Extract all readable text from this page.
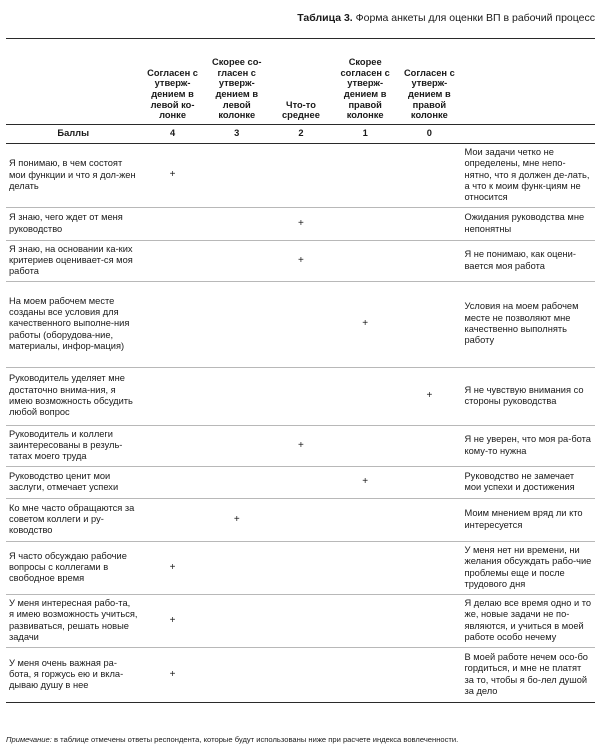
Таблица 3. Форма анкеты для оценки ВП в рабочий процесс
	Согласен с утверж-дением в левой ко-лонке	Скорее со-гласен с утверж-дением в левой колонке	Что-то среднее	Скорее согласен с утверж-дением в правой колонке	Согласен с утверж-дением в правой колонке	
Баллы	4	3	2	1	0	
Я понимаю, в чем состоят мои функции и что я дол-жен делать	+					Мои задачи четко не определены, мне непо-нятно, что я должен де-лать, а что к моим функ-циям не относится
Я знаю, чего ждет от меня руководство			+			Ожидания руководства мне непонятны
Я знаю, на основании ка-ких критериев оценивает-ся моя работа			+			Я не понимаю, как оцени-вается моя работа
На моем рабочем месте созданы все условия для качественного выполне-ния работы (оборудова-ние, материалы, инфор-мация)				+		Условия на моем рабочем месте не позволяют мне качественно выполнять работу
Руководитель уделяет мне достаточно внима-ния, я имею возможность обсудить любой вопрос					+	Я не чувствую внимания со стороны руководства
Руководитель и коллеги заинтересованы в резуль-татах моего труда			+			Я не уверен, что моя ра-бота кому-то нужна
Руководство ценит мои заслуги, отмечает успехи				+		Руководство не замечает мои успехи и достижения
Ко мне часто обращаются за советом коллеги и ру-ководство		+				Моим мнением вряд ли кто интересуется
Я часто обсуждаю рабочие вопросы с коллегами в свободное время	+					У меня нет ни времени, ни желания обсуждать рабо-чие проблемы еще и после трудового дня
У меня интересная рабо-та, я имею возможность учиться, развиваться, решать новые задачи	+					Я делаю все время одно и то же, новые задачи не по-являются, и учиться в моей работе особо нечему
У меня очень важная ра-бота, я горжусь ею и вкла-дываю душу в нее	+					В моей работе нечем осо-бо гордиться, и мне не платят за то, чтобы я бо-лел душой за дело
Примечание: в таблице отмечены ответы респондента, которые будут использованы ниже при расчете индекса вовлеченности.
